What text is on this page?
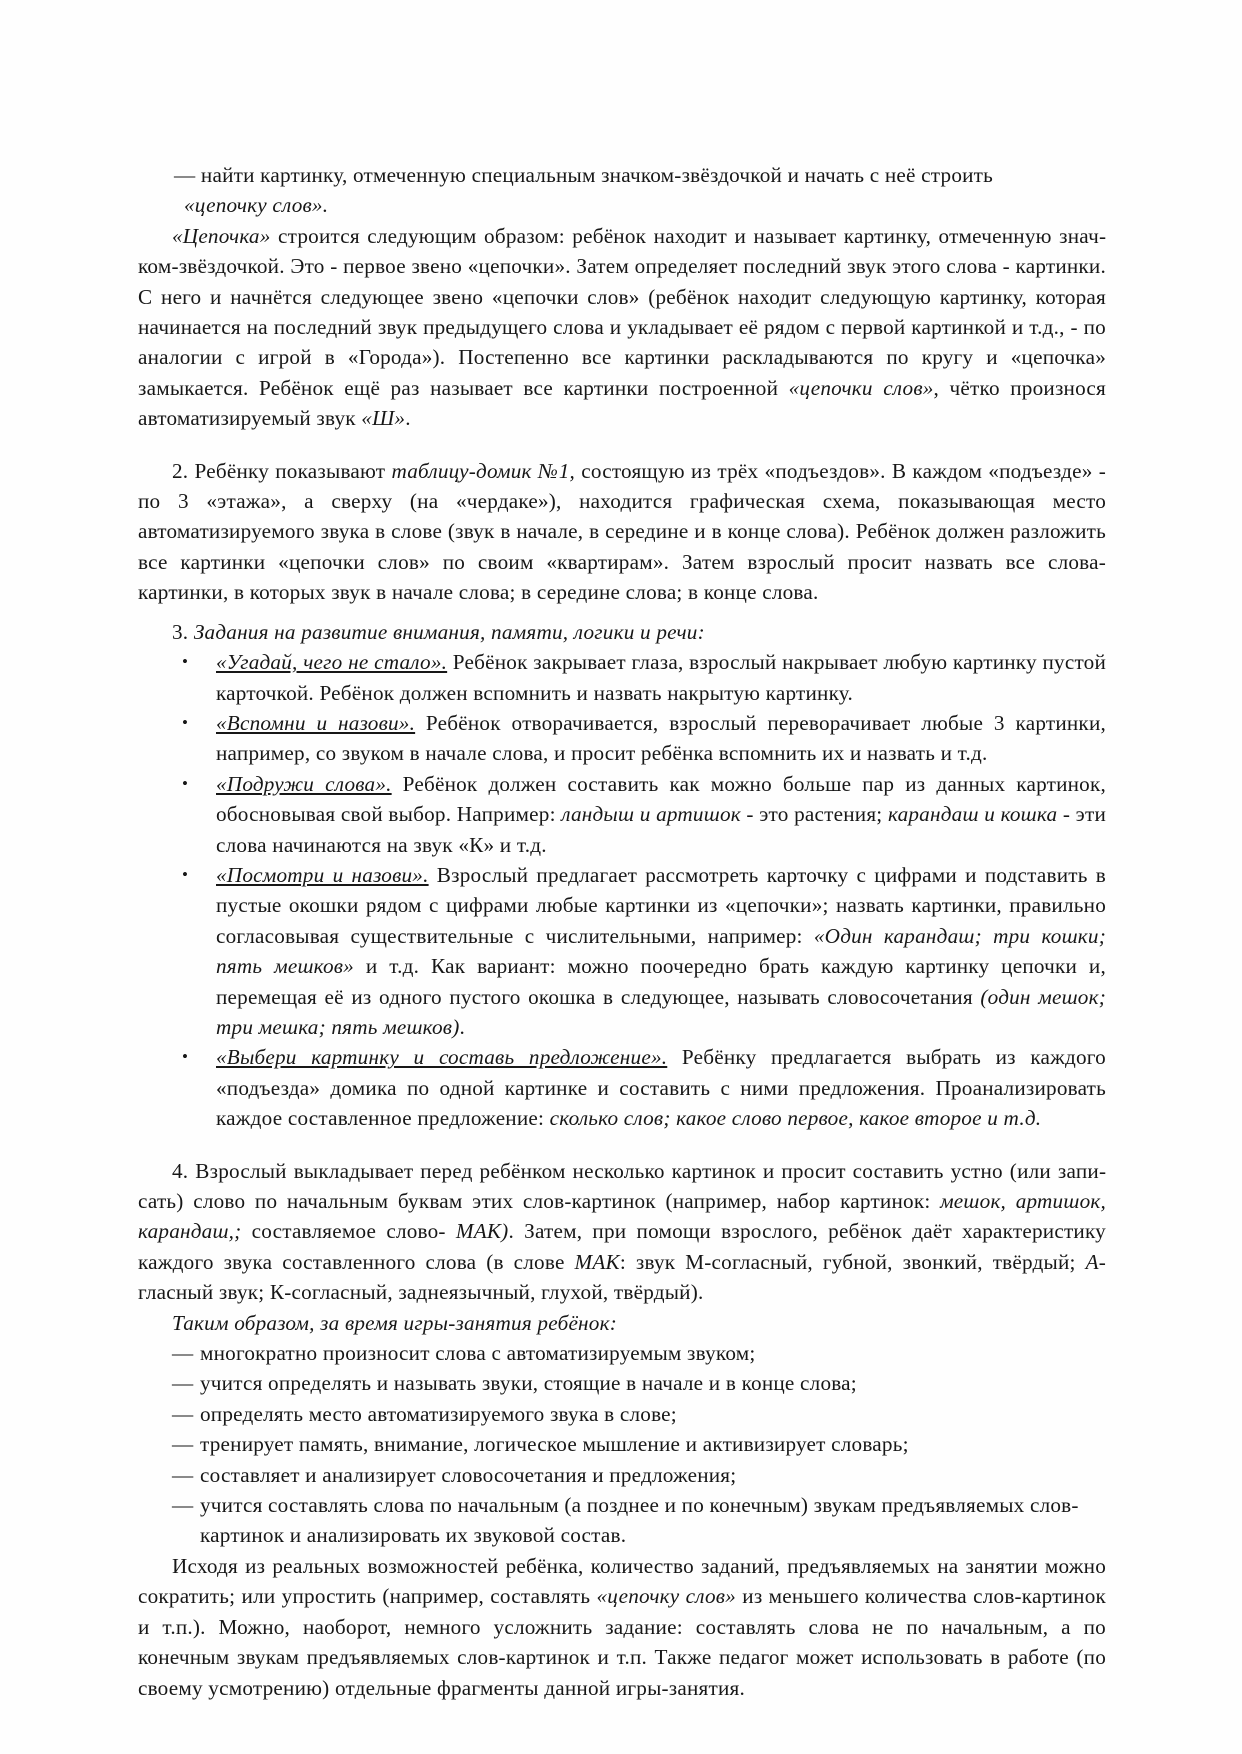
— найти картинку, отмеченную специальным значком-звёздочкой и начать с неё строить
«цепочку слов».

«Цепочка» строится следующим образом: ребёнок находит и называет картинку, отмеченную значком-звёздочкой. Это - первое звено «цепочки». Затем определяет последний звук этого слова - картинки. С него и начнётся следующее звено «цепочки слов» (ребёнок находит следующую картинку, которая начинается на последний звук предыдущего слова и укладывает её рядом с первой картинкой и т.д., - по аналогии с игрой в «Города»). Постепенно все картинки раскладываются по кругу и «цепочка» замыкается. Ребёнок ещё раз называет все картинки построенной «цепочки слов», чётко произнося автоматизируемый звук «Ш».

2. Ребёнку показывают таблицу-домик №1, состоящую из трёх «подъездов». В каждом «подъезде» - по 3 «этажа», а сверху (на «чердаке»), находится графическая схема, показывающая место автоматизируемого звука в слове (звук в начале, в середине и в конце слова). Ребёнок должен разложить все картинки «цепочки слов» по своим «квартирам». Затем взрослый просит назвать все слова-картинки, в которых звук в начале слова; в середине слова; в конце слова.

3. Задания на развитие внимания, памяти, логики и речи:

• «Угадай, чего не стало». Ребёнок закрывает глаза, взрослый накрывает любую картинку пустой карточкой. Ребёнок должен вспомнить и назвать накрытую картинку.
• «Вспомни и назови». Ребёнок отворачивается, взрослый переворачивает любые 3 картинки, например, со звуком в начале слова, и просит ребёнка вспомнить их и назвать и т.д.
• «Подружи слова». Ребёнок должен составить как можно больше пар из данных картинок, обосновывая свой выбор. Например: ландыш и артишок - это растения; карандаш и кошка - эти слова начинаются на звук «К» и т.д.
• «Посмотри и назови». Взрослый предлагает рассмотреть карточку с цифрами и подставить в пустые окошки рядом с цифрами любые картинки из «цепочки»; назвать картинки, правильно согласовывая существительные с числительными, например: «Один карандаш; три кошки; пять мешков» и т.д. Как вариант: можно поочередно брать каждую картинку цепочки и, перемещая её из одного пустого окошка в следующее, называть словосочетания (один мешок; три мешка; пять мешков).
• «Выбери картинку и составь предложение». Ребёнку предлагается выбрать из каждого «подъезда» домика по одной картинке и составить с ними предложения. Проанализировать каждое составленное предложение: сколько слов; какое слово первое, какое второе и т.д.

4. Взрослый выкладывает перед ребёнком несколько картинок и просит составить устно (или записать) слово по начальным буквам этих слов-картинок (например, набор картинок: мешок, артишок, карандаш,; составляемое слово- МАК). Затем, при помощи взрослого, ребёнок даёт характеристику каждого звука составленного слова (в слове МАК: звук М-согласный, губной, звонкий, твёрдый; А-гласный звук; К-согласный, заднеязычный, глухой, твёрдый).

Таким образом, за время игры-занятия ребёнок:

— многократно произносит слова с автоматизируемым звуком;
— учится определять и называть звуки, стоящие в начале и в конце слова;
— определять место автоматизируемого звука в слове;
— тренирует память, внимание, логическое мышление и активизирует словарь;
— составляет и анализирует словосочетания и предложения;
— учится составлять слова по начальным (а позднее и по конечным) звукам предъявляемых слов-картинок и анализировать их звуковой состав.

Исходя из реальных возможностей ребёнка, количество заданий, предъявляемых на занятии можно сократить; или упростить (например, составлять «цепочку слов» из меньшего количества слов-картинок и т.п.). Можно, наоборот, немного усложнить задание: составлять слова не по начальным, а по конечным звукам предъявляемых слов-картинок и т.п. Также педагог может использовать в работе (по своему усмотрению) отдельные фрагменты данной игры-занятия.
